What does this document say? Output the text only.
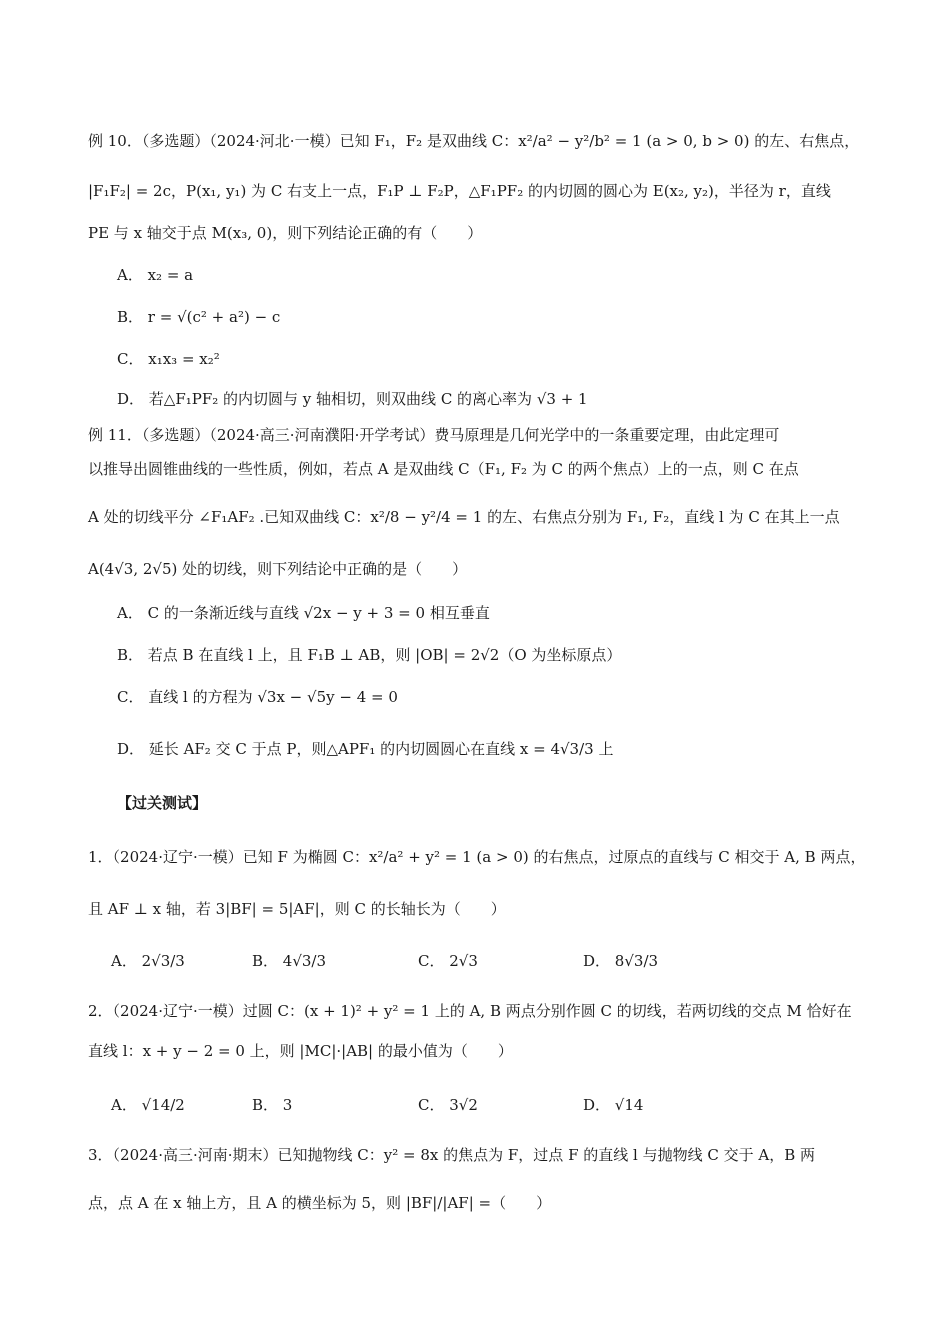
例 10．（多选题）（2024·河北·一模）已知 F₁，F₂ 是双曲线 C：x²/a² − y²/b² = 1 (a > 0, b > 0) 的左、右焦点，
|F₁F₂| = 2c，P(x₁, y₁) 为 C 右支上一点，F₁P ⊥ F₂P，△F₁PF₂ 的内切圆的圆心为 E(x₂, y₂)，半径为 r，直线
PE 与 x 轴交于点 M(x₃, 0)，则下列结论正确的有（　　）
A． x₂ = a
B． r = √(c² + a²) − c
C． x₁x₃ = x₂²
D． 若△F₁PF₂ 的内切圆与 y 轴相切，则双曲线 C 的离心率为 √3 + 1
例 11．（多选题）（2024·高三·河南濮阳·开学考试）费马原理是几何光学中的一条重要定理，由此定理可
以推导出圆锥曲线的一些性质，例如，若点 A 是双曲线 C（F₁, F₂ 为 C 的两个焦点）上的一点，则 C 在点
A 处的切线平分 ∠F₁AF₂ .已知双曲线 C：x²/8 − y²/4 = 1 的左、右焦点分别为 F₁, F₂，直线 l 为 C 在其上一点
A(4√3, 2√5) 处的切线，则下列结论中正确的是（　　）
A． C 的一条渐近线与直线 √2x − y + 3 = 0 相互垂直
B． 若点 B 在直线 l 上，且 F₁B ⊥ AB，则 |OB| = 2√2（O 为坐标原点）
C． 直线 l 的方程为 √3x − √5y − 4 = 0
D． 延长 AF₂ 交 C 于点 P，则△APF₁ 的内切圆圆心在直线 x = 4√3/3 上
【过关测试】
1．（2024·辽宁·一模）已知 F 为椭圆 C：x²/a² + y² = 1 (a > 0) 的右焦点，过原点的直线与 C 相交于 A, B 两点，
且 AF ⊥ x 轴，若 3|BF| = 5|AF|，则 C 的长轴长为（　　）
A． 2√3/3	B． 4√3/3	C． 2√3	D． 8√3/3
2．（2024·辽宁·一模）过圆 C：(x + 1)² + y² = 1 上的 A, B 两点分别作圆 C 的切线，若两切线的交点 M 恰好在
直线 l：x + y − 2 = 0 上，则 |MC|·|AB| 的最小值为（　　）
A． √14/2	B． 3	C． 3√2	D． √14
3．（2024·高三·河南·期末）已知抛物线 C：y² = 8x 的焦点为 F，过点 F 的直线 l 与抛物线 C 交于 A，B 两
点，点 A 在 x 轴上方，且 A 的横坐标为 5，则 |BF|/|AF| =（　　）
